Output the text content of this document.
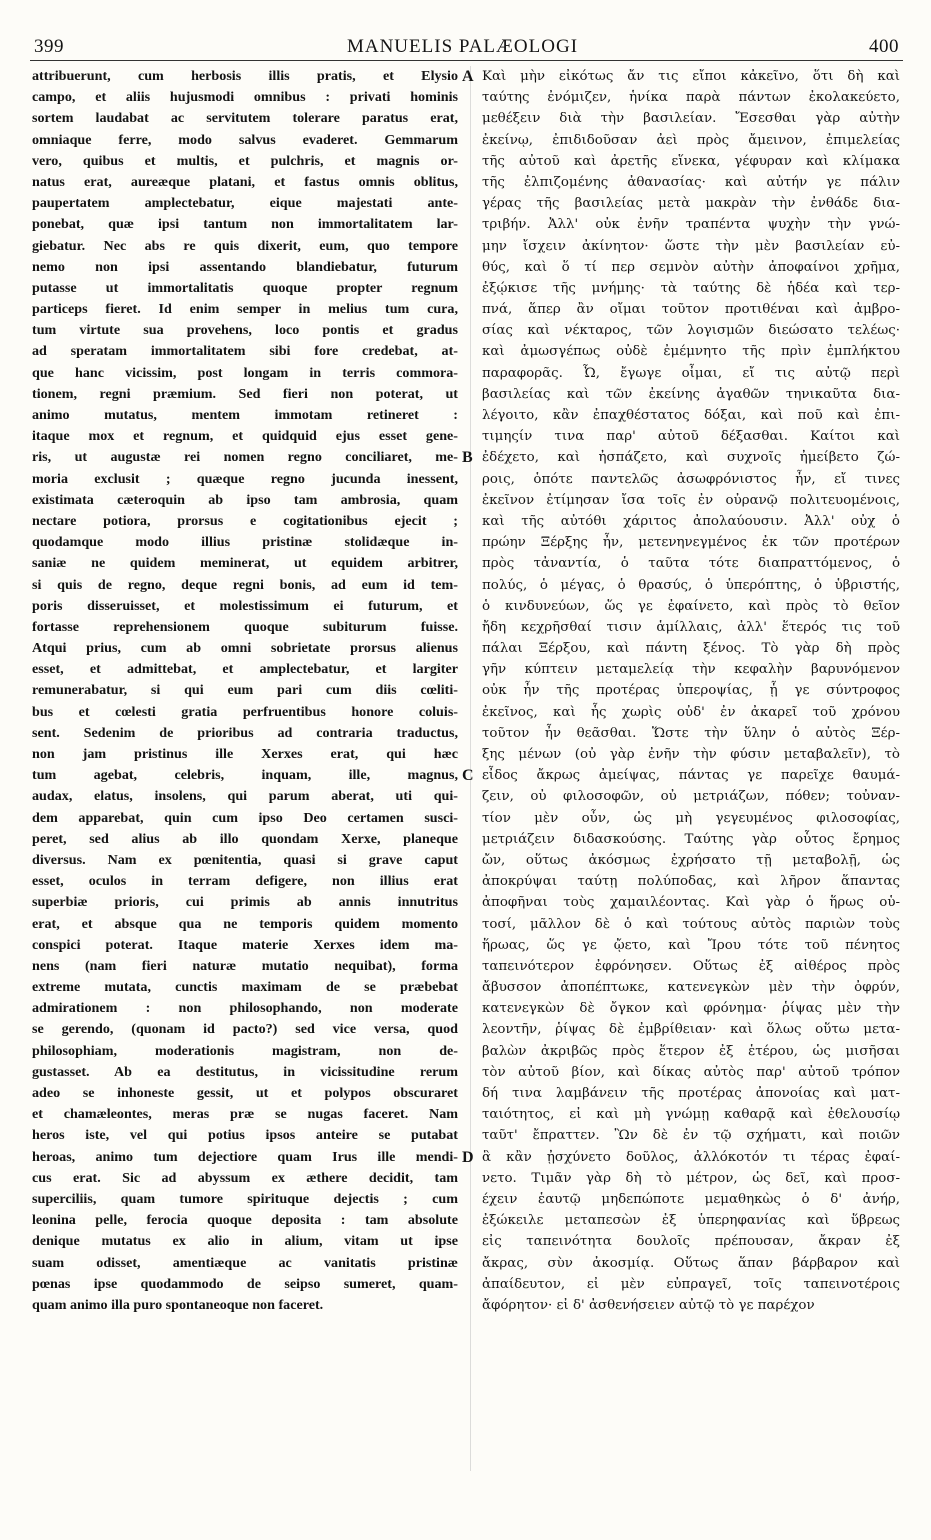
399	MANUELIS PALÆOLOGI	400
attribuerunt, cum herbosis illis pratis, et Elysio
campo, et aliis hujusmodi omnibus : privati hominis
sortem laudabat ac servitutem tolerare paratus erat,
omniaque ferre, modo salvus evaderet. Gemmarum
vero, quibus et multis, et pulchris, et magnis or-
natus erat, aureæque platani, et fastus omnis oblitus,
paupertatem amplectebatur, eique majestati ante-
ponebat, quæ ipsi tantum non immortalitatem lar-
giebatur. Nec abs re quis dixerit, eum, quo tempore
nemo non ipsi assentando blandiebatur, futurum
putasse ut immortalitatis quoque propter regnum
particeps fieret. Id enim semper in melius tum cura,
tum virtute sua provehens, loco pontis et gradus
ad speratam immortalitatem sibi fore credebat, at-
que hanc vicissim, post longam in terris commora-
tionem, regni præmium. Sed fieri non poterat, ut
animo mutatus, mentem immotam retineret :
itaque mox et regnum, et quidquid ejus esset gene-
ris, ut augustæ rei nomen regno conciliaret, me-
moria exclusit ; quæque regno jucunda inessent,
existimata cæteroquin ab ipso tam ambrosia, quam
nectare potiora, prorsus e cogitationibus ejecit ;
quodamque modo illius pristinæ stolidæque in-
saniæ ne quidem meminerat, ut equidem arbitrer,
si quis de regno, deque regni bonis, ad eum id tem-
poris disseruisset, et molestissimum ei futurum, et
fortasse reprehensionem quoque subiturum fuisse.
Atqui prius, cum ab omni sobrietate prorsus alienus
esset, et admittebat, et amplectebatur, et largiter
remunerabatur, si qui eum pari cum diis cœliti-
bus et cœlesti gratia perfruentibus honore coluis-
sent. Sedenim de prioribus ad contraria traductus,
non jam pristinus ille Xerxes erat, qui hæc
tum agebat, celebris, inquam, ille, magnus,
audax, elatus, insolens, qui parum aberat, uti qui-
dem apparebat, quin cum ipso Deo certamen susci-
peret, sed alius ab illo quondam Xerxe, planeque
diversus. Nam ex pœnitentia, quasi si grave caput
esset, oculos in terram defigere, non illius erat
superbiæ prioris, cui primis ab annis innutritus
erat, et absque qua ne temporis quidem momento
conspici poterat. Itaque materie Xerxes idem ma-
nens (nam fieri naturæ mutatio nequibat), forma
extreme mutata, cunctis maximam de se præbebat
admirationem : non philosophando, non moderate
se gerendo, (quonam id pacto?) sed vice versa, quod
philosophiam, moderationis magistram, non de-
gustasset. Ab ea destitutus, in vicissitudine rerum
adeo se inhoneste gessit, ut et polypos obscuraret
et chamæleontes, meras præ se nugas faceret. Nam
heros iste, vel qui potius ipsos anteire se putabat
heroas, animo tum dejectiore quam Irus ille mendi-
cus erat. Sic ad abyssum ex æthere decidit, tam
superciliis, quam tumore spirituque dejectis ; cum
leonina pelle, ferocia quoque deposita : tam absolute
denique mutatus ex alio in alium, vitam ut ipse
suam odisset, amentiæque ac vanitatis pristinæ
pœnas ipse quodammodo de seipso sumeret, quam-
quam animo illa puro spontaneoque non faceret.
Καὶ μὴν εἰκότως ἄν τις εἴποι κἀκεῖνο, ὅτι δὴ καὶ
ταύτης ἐνόμιζεν, ἡνίκα παρὰ πάντων ἐκολακεύετο,
μεθέξειν διὰ τὴν βασιλείαν. Ἔσεσθαι γὰρ αὐτὴν
ἐκείνῳ, ἐπιδιδοῦσαν ἀεὶ πρὸς ἄμεινον, ἐπιμελείας
τῆς αὐτοῦ καὶ ἀρετῆς εἵνεκα, γέφυραν καὶ κλίμακα
τῆς ἐλπιζομένης ἀθανασίας· καὶ αὐτήν γε πάλιν
γέρας τῆς βασιλείας μετὰ μακρὰν τὴν ἐνθάδε δια-
τριβήν. Ἀλλ' οὐκ ἐνῆν τραπέντα ψυχὴν τὴν γνώ-
μην ἴσχειν ἀκίνητον· ὥστε τὴν μὲν βασιλείαν εὐ-
θύς, καὶ ὅ τί περ σεμνὸν αὐτὴν ἀποφαίνοι χρῆμα,
ἐξῴκισε τῆς μνήμης· τὰ ταύτης δὲ ἡδέα καὶ τερ-
πνά, ἅπερ ἂν οἴμαι τοῦτον προτιθέναι καὶ ἀμβρο-
σίας καὶ νέκταρος, τῶν λογισμῶν διεώσατο τελέως·
καὶ ἀμωσγέπως οὐδὲ ἐμέμνητο τῆς πρὶν ἐμπλήκτου
παραφορᾶς. Ὦ, ἔγωγε οἶμαι, εἴ τις αὐτῷ περὶ
βασιλείας καὶ τῶν ἐκείνης ἀγαθῶν τηνικαῦτα δια-
λέγοιτο, κἂν ἐπαχθέστατος δόξαι, καὶ ποῦ καὶ ἐπι-
τιμηςίν τινα παρ' αὐτοῦ δέξασθαι. Καίτοι καὶ
ἐδέχετο, καὶ ἠσπάζετο, καὶ συχνοῖς ἠμείβετο ζώ-
ροις, ὁπότε παντελῶς ἀσωφρόνιστος ἦν, εἴ τινες
ἐκεῖνον ἐτίμησαν ἴσα τοῖς ἐν οὐρανῷ πολιτευομένοις,
καὶ τῆς αὐτόθι χάριτος ἀπολαύουσιν. Ἀλλ' οὐχ ὁ
πρώην Ξέρξης ἦν, μετενηνεγμένος ἐκ τῶν προτέρων
πρὸς τἀναντία, ὁ ταῦτα τότε διαπραττόμενος, ὁ
πολύς, ὁ μέγας, ὁ θρασύς, ὁ ὑπερόπτης, ὁ ὑβριστής,
ὁ κινδυνεύων, ὥς γε ἐφαίνετο, καὶ πρὸς τὸ θεῖον
ἤδη κεχρῆσθαί τισιν ἁμίλλαις, ἀλλ' ἕτερός τις τοῦ
πάλαι Ξέρξου, καὶ πάντη ξένος. Τὸ γὰρ δὴ πρὸς
γῆν κύπτειν μεταμελείᾳ τὴν κεφαλὴν βαρυνόμενον
οὐκ ἦν τῆς προτέρας ὑπεροψίας, ᾗ γε σύντροφος
ἐκεῖνος, καὶ ἧς χωρὶς οὐδ' ἐν ἀκαρεῖ τοῦ χρόνου
τοῦτον ἦν θεᾶσθαι. Ὥστε τὴν ὕλην ὁ αὐτὸς Ξέρ-
ξης μένων (οὐ γὰρ ἐνῆν τὴν φύσιν μεταβαλεῖν), τὸ
εἶδος ἄκρως ἀμείψας, πάντας γε παρεῖχε θαυμά-
ζειν, οὐ φιλοσοφῶν, οὐ μετριάζων, πόθεν; τοὐναν-
τίον μὲν οὖν, ὡς μὴ γεγευμένος φιλοσοφίας,
μετριάζειν διδασκούσης. Ταύτης γὰρ οὗτος ἔρημος
ὤν, οὕτως ἀκόσμως ἐχρήσατο τῇ μεταβολῇ, ὡς
ἀποκρύψαι ταύτῃ πολύποδας, καὶ λῆρον ἅπαντας
ἀποφῆναι τοὺς χαμαιλέοντας. Καὶ γὰρ ὁ ἥρως οὑ-
τοσί, μᾶλλον δὲ ὁ καὶ τούτους αὐτὸς παριὼν τοὺς
ἥρωας, ὥς γε ᾤετο, καὶ Ἴρου τότε τοῦ πένητος
ταπεινότερον ἐφρόνησεν. Οὕτως ἐξ αἰθέρος πρὸς
ἄβυσσον ἀποπέπτωκε, κατενεγκὼν μὲν τὴν ὀφρύν,
κατενεγκὼν δὲ ὄγκον καὶ φρόνημα· ῥίψας μὲν τὴν
λεοντῆν, ῥίψας δὲ ἐμβρίθειαν· καὶ ὅλως οὕτω μετα-
βαλὼν ἀκριβῶς πρὸς ἕτερον ἐξ ἑτέρου, ὡς μισῆσαι
τὸν αὐτοῦ βίον, καὶ δίκας αὐτὸς παρ' αὐτοῦ τρόπον
δή τινα λαμβάνειν τῆς προτέρας ἀπονοίας καὶ ματ-
ταιότητος, εἰ καὶ μὴ γνώμῃ καθαρᾷ καὶ ἐθελουσίῳ
ταῦτ' ἔπραττεν. Ὢν δὲ ἐν τῷ σχήματι, καὶ ποιῶν
ἃ κἂν ᾐσχύνετο δοῦλος, ἀλλόκοτόν τι τέρας ἐφαί-
νετο. Τιμᾶν γὰρ δὴ τὸ μέτρον, ὡς δεῖ, καὶ προσ-
έχειν ἑαυτῷ μηδεπώποτε μεμαθηκὼς ὁ δ' ἀνήρ,
ἐξώκειλε μεταπεσὼν ἐξ ὑπερηφανίας καὶ ὕβρεως
εἰς ταπεινότητα δουλοῖς πρέπουσαν, ἄκραν ἐξ
ἄκρας, σὺν ἀκοσμίᾳ. Οὕτως ἅπαν βάρβαρον καὶ
ἀπαίδευτον, εἰ μὲν εὐπραγεῖ, τοῖς ταπεινοτέροις
ἄφόρητον· εἰ δ' ἀσθενήσειεν αὐτῷ τὸ γε παρέχον
A
B
C
D
